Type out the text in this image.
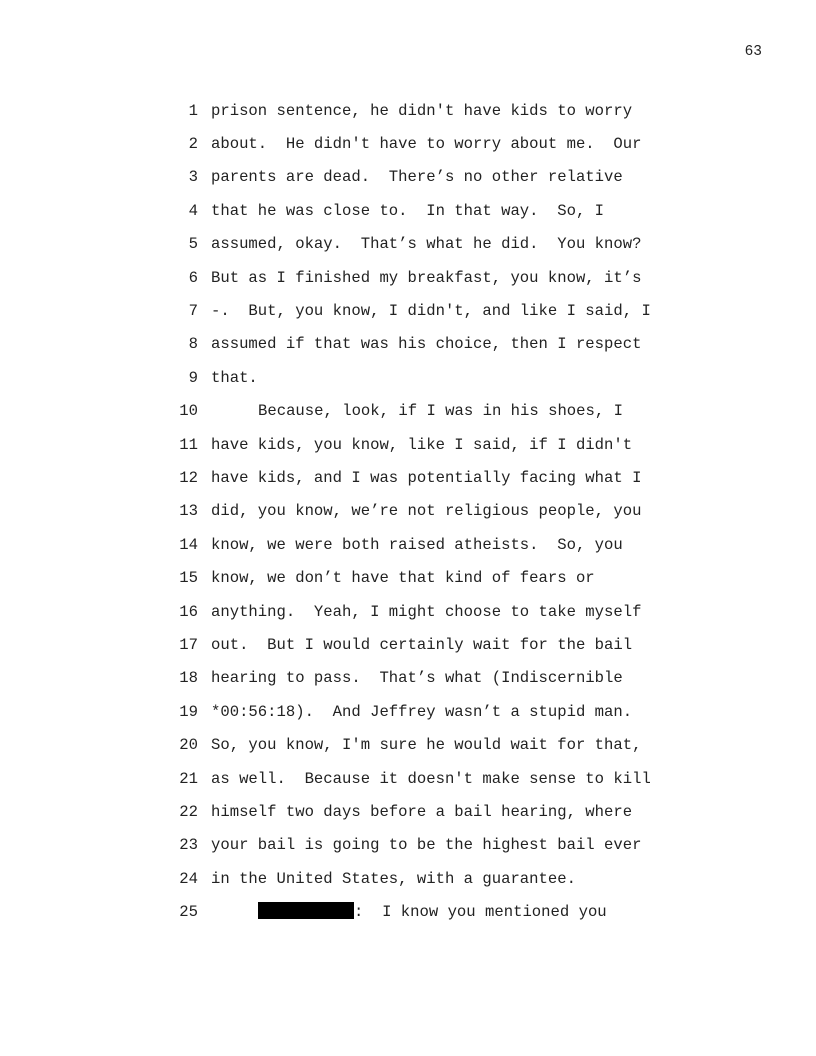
63
1 prison sentence, he didn't have kids to worry
2 about.  He didn't have to worry about me.  Our
3 parents are dead.  There’s no other relative
4 that he was close to.  In that way.  So, I
5 assumed, okay.  That’s what he did.  You know?
6 But as I finished my breakfast, you know, it’s
7 -.  But, you know, I didn't, and like I said, I
8 assumed if that was his choice, then I respect
9 that.
10	Because, look, if I was in his shoes, I
11 have kids, you know, like I said, if I didn't
12 have kids, and I was potentially facing what I
13 did, you know, we’re not religious people, you
14 know, we were both raised atheists.  So, you
15 know, we don’t have that kind of fears or
16 anything.  Yeah, I might choose to take myself
17 out.  But I would certainly wait for the bail
18 hearing to pass.  That’s what (Indiscernible
19 *00:56:18).  And Jeffrey wasn’t a stupid man.
20 So, you know, I'm sure he would wait for that,
21 as well.  Because it doesn't make sense to kill
22 himself two days before a bail hearing, where
23 your bail is going to be the highest bail ever
24 in the United States, with a guarantee.
25	:  I know you mentioned you
